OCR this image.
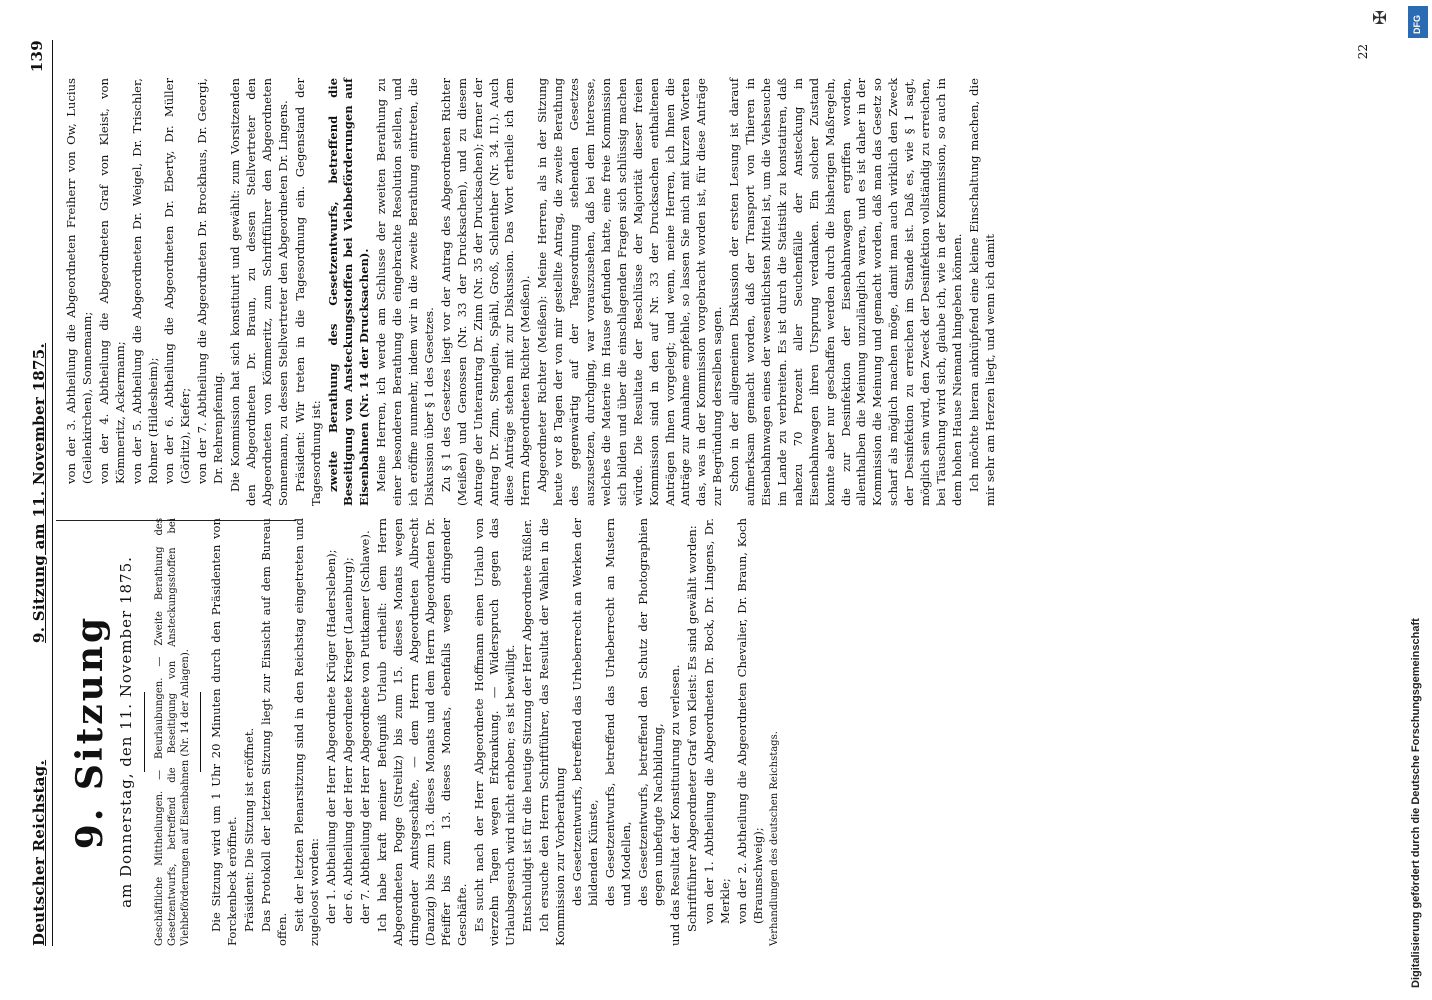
Deutscher Reichstag.
9. Sitzung am 11. November 1875.
139

9. Sitzung am Donnerstag, den 11. November 1875. Geschäftliche Mittheilungen. — Beurlaubungen. — Zweite Berathung des Gesetzentwurfs, betreffend die Beseitigung von Ansteckungsstoffen bei Viehbeförderungen auf Eisenbahnen (Nr. 14 der Anlagen). Die Sitzung wird um 1 Uhr 20 Minuten durch den Präsidenten von Forckenbeck eröffnet. Präsident: Die Sitzung ist eröffnet. Das Protokoll der letzten Sitzung liegt zur Einsicht auf dem Bureau offen. Seit der letzten Plenarsitzung sind in den Reichstag eingetreten und zugeloost worden: der 1. Abtheilung der Herr Abgeordnete Krüger (Hadersleben); der 6. Abtheilung der Herr Abgeordnete Krieger (Lauenburg); der 7. Abtheilung der Herr Abgeordnete von Puttkamer (Schlawe). Ich habe kraft meiner Befugniß Urlaub ertheilt: dem Herrn Abgeordneten Pogge (Strelitz) bis zum 15. dieses Monats wegen dringender Amtsgeschäfte, — dem Herrn Abgeordneten Albrecht (Danzig) bis zum 13. dieses Monats und dem Herrn Abgeordneten Dr. Pfeiffer bis zum 13. dieses Monats, ebenfalls wegen dringender Geschäfte. Es sucht nach der Herr Abgeordnete Hoffmann einen Urlaub von vierzehn Tagen wegen Erkrankung. — Widerspruch gegen das Urlaubsgesuch wird nicht erhoben; es ist bewilligt. Entschuldigt ist für die heutige Sitzung der Herr Abgeordnete Rüßler. Ich ersuche den Herrn Schriftführer, das Resultat der Wahlen in die Kommission zur Vorberathung des Gesetzentwurfs, betreffend das Urheberrecht an Werken der bildenden Künste, des Gesetzentwurfs, betreffend das Urheberrecht an Mustern und Modellen, des Gesetzentwurfs, betreffend den Schutz der Photographien gegen unbefugte Nachbildung, und das Resultat der Konstituirung zu verlesen. Schriftführer Abgeordneter Graf von Kleist: Es sind gewählt worden: von der 1. Abtheilung die Abgeordneten Dr. Bock, Dr. Lingens, Dr. Merkle; von der 2. Abtheilung die Abgeordneten Chevalier, Dr. Braun, Koch (Braunschweig); Verhandlungen des deutschen Reichstags.

von der 3. Abtheilung die Abgeordneten Freiherr von Ow, Lucius (Geilenkirchen), Sonnemann; von der 4. Abtheilung die Abgeordneten Graf von Kleist, von Kömmeritz, Ackermann; von der 5. Abtheilung die Abgeordneten Dr. Weigel, Dr. Trischler, Rohner (Hildesheim); von der 6. Abtheilung die Abgeordneten Dr. Eberty, Dr. Müller (Görlitz), Kiefer; von der 7. Abtheilung die Abgeordneten Dr. Brockhaus, Dr. Georgi, Dr. Rehrenpfennig. Die Kommission hat sich konstituirt und gewählt: zum Vorsitzenden den Abgeordneten Dr. Braun, zu dessen Stellvertreter den Abgeordneten von Kömmeritz, zum Schriftführer den Abgeordneten Sonnemann, zu dessen Stellvertreter den Abgeordneten Dr. Lingens. Präsident: Wir treten in die Tagesordnung ein. Gegenstand der Tagesordnung ist: zweite Berathung des Gesetzentwurfs, betreffend die Beseitigung von Ansteckungsstoffen bei Viehbeförderungen auf Eisenbahnen (Nr. 14 der Drucksachen). Meine Herren, ich werde am Schlusse der zweiten Berathung zu einer besonderen Berathung die eingebrachte Resolution stellen, und ich eröffne nunmehr, indem wir in die zweite Berathung eintreten, die Diskussion über § 1 des Gesetzes. Zu § 1 des Gesetzes liegt vor der Antrag des Abgeordneten Richter (Meißen) und Genossen (Nr. 33 der Drucksachen), und zu diesem Antrage der Unterantrag Dr. Zinn (Nr. 35 der Drucksachen); ferner der Antrag Dr. Zinn, Stenglein, Spähl, Groß, Schlenther (Nr. 34. II.). Auch diese Anträge stehen mit zur Diskussion. Das Wort ertheile ich dem Herrn Abgeordneten Richter (Meißen). Abgeordneter Richter (Meißen): Meine Herren, als in der Sitzung heute vor 8 Tagen der von mir gestellte Antrag, die zweite Berathung des gegenwärtig auf der Tagesordnung stehenden Gesetzes auszusetzen, durchging, war vorauszusehen, daß bei dem Interesse, welches die Materie im Hause gefunden hatte, eine freie Kommission sich bilden und über die einschlagenden Fragen sich schlüssig machen würde. Die Resultate der Beschlüsse der Majorität dieser freien Kommission sind in den auf Nr. 33 der Drucksachen enthaltenen Anträgen Ihnen vorgelegt; und wenn, meine Herren, ich Ihnen die Anträge zur Annahme empfehle, so lassen Sie mich mit kurzen Worten das, was in der Kommission vorgebracht worden ist, für diese Anträge zur Begründung derselben sagen. Schon in der allgemeinen Diskussion der ersten Lesung ist darauf aufmerksam gemacht worden, daß der Transport von Thieren in Eisenbahnwagen eines der wesentlichsten Mittel ist, um die Viehseuche im Lande zu verbreiten. Es ist durch die Statistik zu konstatiren, daß nahezu 70 Prozent aller Seuchenfälle der Ansteckung in Eisenbahnwagen ihren Ursprung verdanken. Ein solcher Zustand konnte aber nur geschaffen werden durch die bisherigen Maßregeln, die zur Desinfektion der Eisenbahnwagen ergriffen worden, allenthalben die Meinung unzulänglich waren, und es ist daher in der Kommission die Meinung und gemacht worden, daß man das Gesetz so scharf als möglich machen möge, damit man auch wirklich den Zweck der Desinfektion zu erreichen im Stande ist. Daß es, wie § 1 sagt, möglich sein wird, den Zweck der Desinfektion vollständig zu erreichen, bei Täuschung wird sich, glaube ich, wie in der Kommission, so auch in dem hohen Hause Niemand hingeben können. Ich möchte hieran anknüpfend eine kleine Einschaltung machen, die mir sehr am Herzen liegt, und wenn ich damit

22
✠	DFG
Digitalisierung gefördert durch die Deutsche Forschungsgemeinschaft
